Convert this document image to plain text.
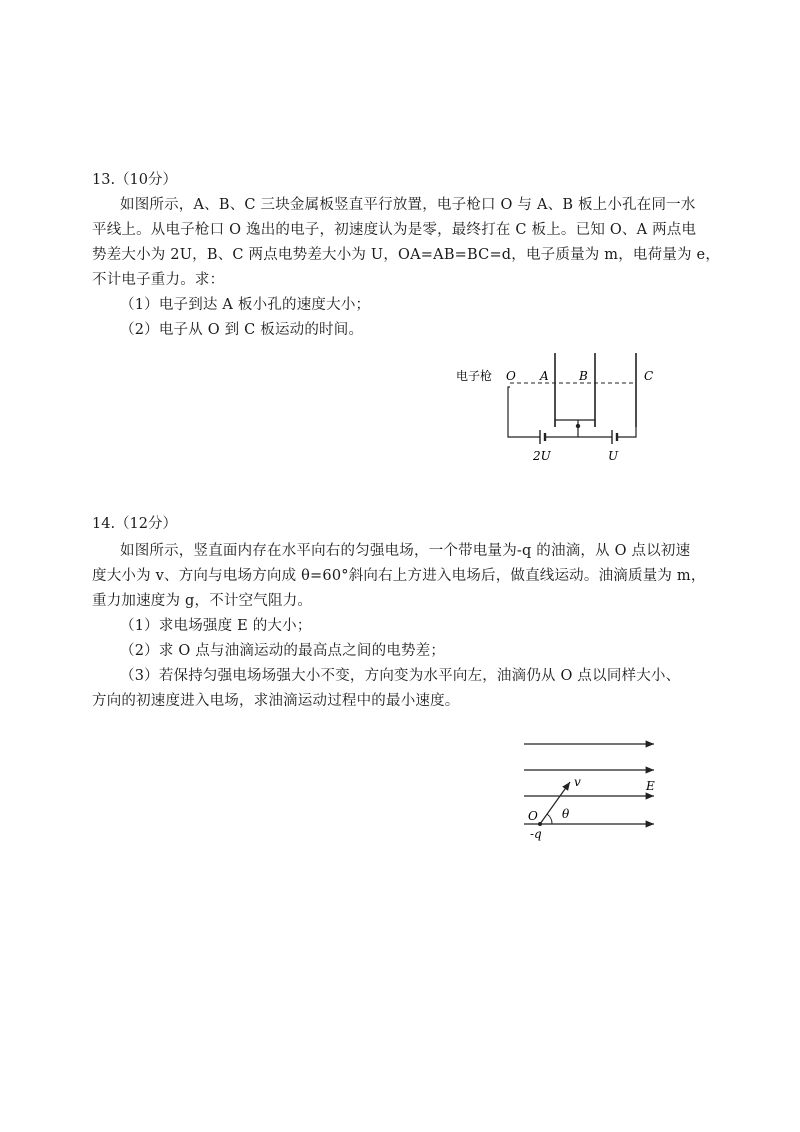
13.（10分）
如图所示，A、B、C 三块金属板竖直平行放置，电子枪口 O 与 A、B 板上小孔在同一水
平线上。从电子枪口 O 逸出的电子，初速度认为是零，最终打在 C 板上。已知 O、A 两点电
势差大小为 2U，B、C 两点电势差大小为 U，OA=AB=BC=d，电子质量为 m，电荷量为 e，
不计电子重力。求：
（1）电子到达 A 板小孔的速度大小；
（2）电子从 O 到 C 板运动的时间。
电子枪 O A	B	C
2U	U
14.（12分）
如图所示，竖直面内存在水平向右的匀强电场，一个带电量为-q 的油滴，从 O 点以初速
度大小为 v、方向与电场方向成 θ=60°斜向右上方进入电场后，做直线运动。油滴质量为 m，
重力加速度为 g，不计空气阻力。
（1）求电场强度 E 的大小；
（2）求 O 点与油滴运动的最高点之间的电势差；
（3）若保持匀强电场场强大小不变，方向变为水平向左，油滴仍从 O 点以同样大小、
方向的初速度进入电场，求油滴运动过程中的最小速度。
v	E
O θ
-q
